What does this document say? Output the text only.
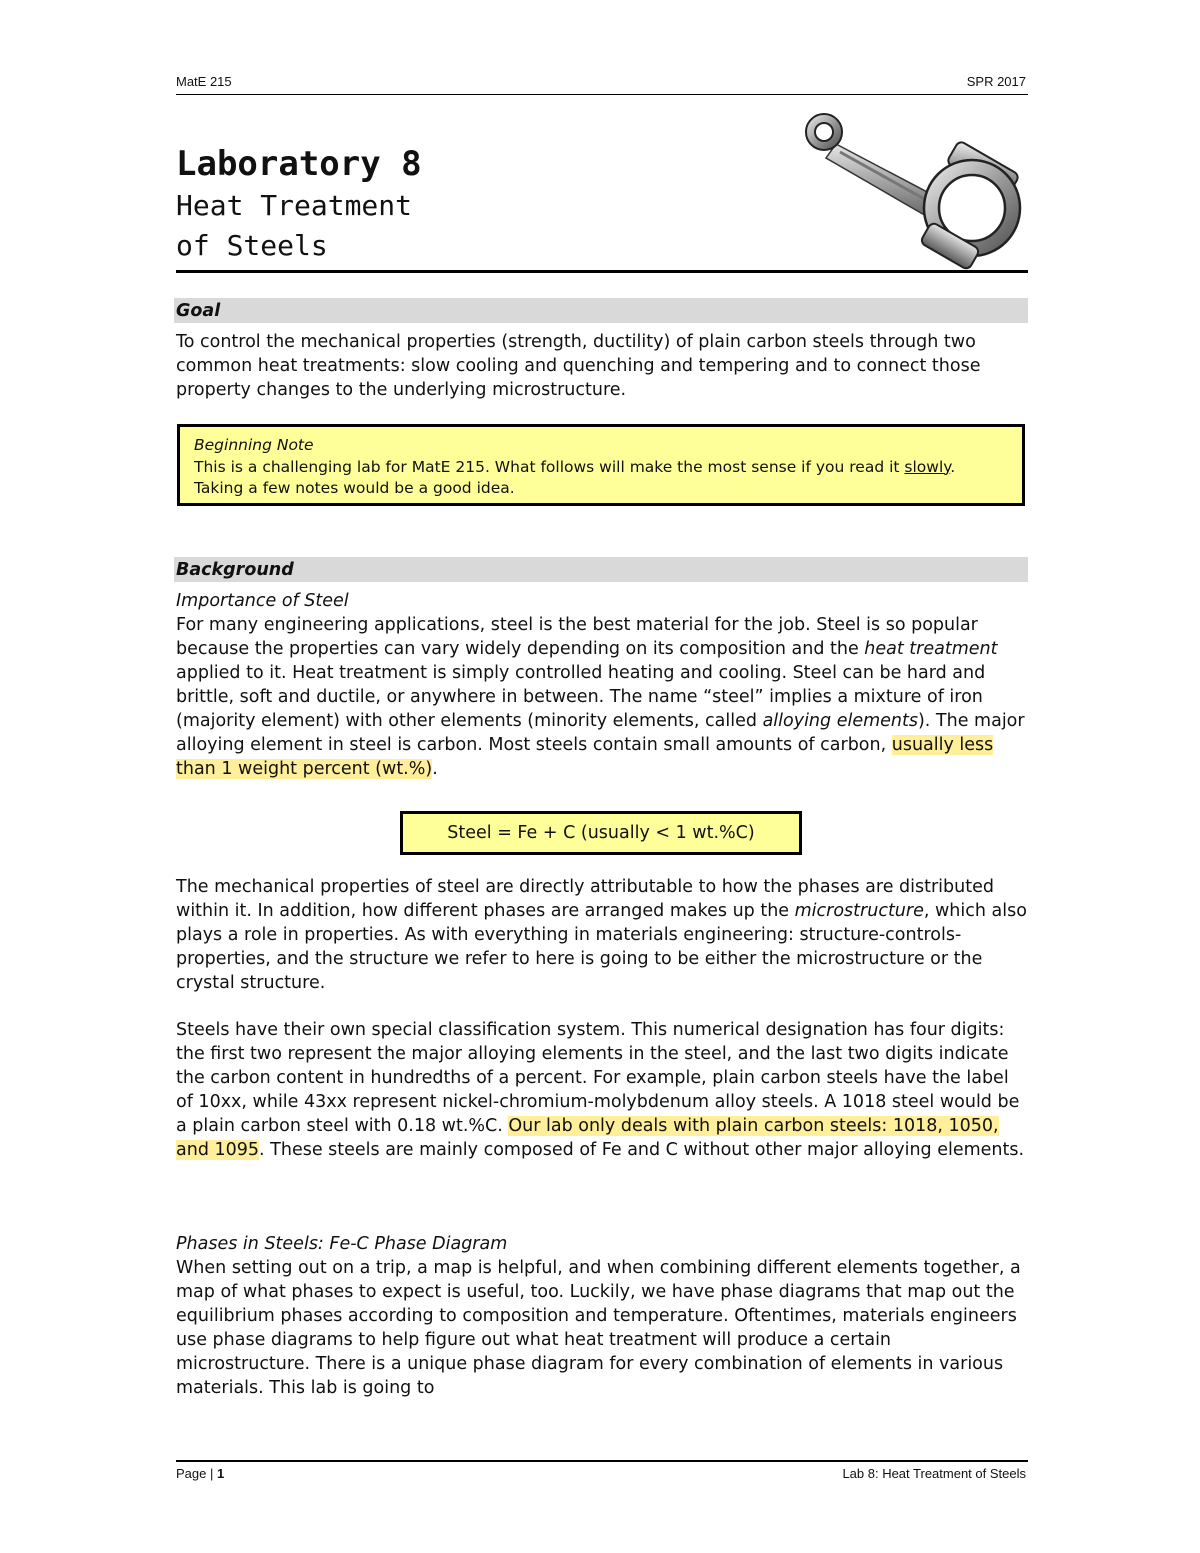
MatE 215	SPR 2017
Laboratory 8
Heat Treatment
of Steels
Goal
To control the mechanical properties (strength, ductility) of plain carbon steels through two common heat treatments: slow cooling and quenching and tempering and to connect those property changes to the underlying microstructure.
Beginning Note
This is a challenging lab for MatE 215. What follows will make the most sense if you read it slowly. Taking a few notes would be a good idea.
Background
Importance of Steel
For many engineering applications, steel is the best material for the job. Steel is so popular because the properties can vary widely depending on its composition and the heat treatment applied to it. Heat treatment is simply controlled heating and cooling. Steel can be hard and brittle, soft and ductile, or anywhere in between. The name “steel” implies a mixture of iron (majority element) with other elements (minority elements, called alloying elements). The major alloying element in steel is carbon. Most steels contain small amounts of carbon, usually less than 1 weight percent (wt.%).
Steel = Fe + C (usually < 1 wt.%C)
The mechanical properties of steel are directly attributable to how the phases are distributed within it. In addition, how different phases are arranged makes up the microstructure, which also plays a role in properties. As with everything in materials engineering: structure-controls-properties, and the structure we refer to here is going to be either the microstructure or the crystal structure.
Steels have their own special classification system. This numerical designation has four digits: the first two represent the major alloying elements in the steel, and the last two digits indicate the carbon content in hundredths of a percent. For example, plain carbon steels have the label of 10xx, while 43xx represent nickel-chromium-molybdenum alloy steels. A 1018 steel would be a plain carbon steel with 0.18 wt.%C. Our lab only deals with plain carbon steels: 1018, 1050, and 1095. These steels are mainly composed of Fe and C without other major alloying elements.
Phases in Steels: Fe-C Phase Diagram
When setting out on a trip, a map is helpful, and when combining different elements together, a map of what phases to expect is useful, too. Luckily, we have phase diagrams that map out the equilibrium phases according to composition and temperature. Oftentimes, materials engineers use phase diagrams to help figure out what heat treatment will produce a certain microstructure. There is a unique phase diagram for every combination of elements in various materials. This lab is going to
Page | 1	Lab 8: Heat Treatment of Steels
